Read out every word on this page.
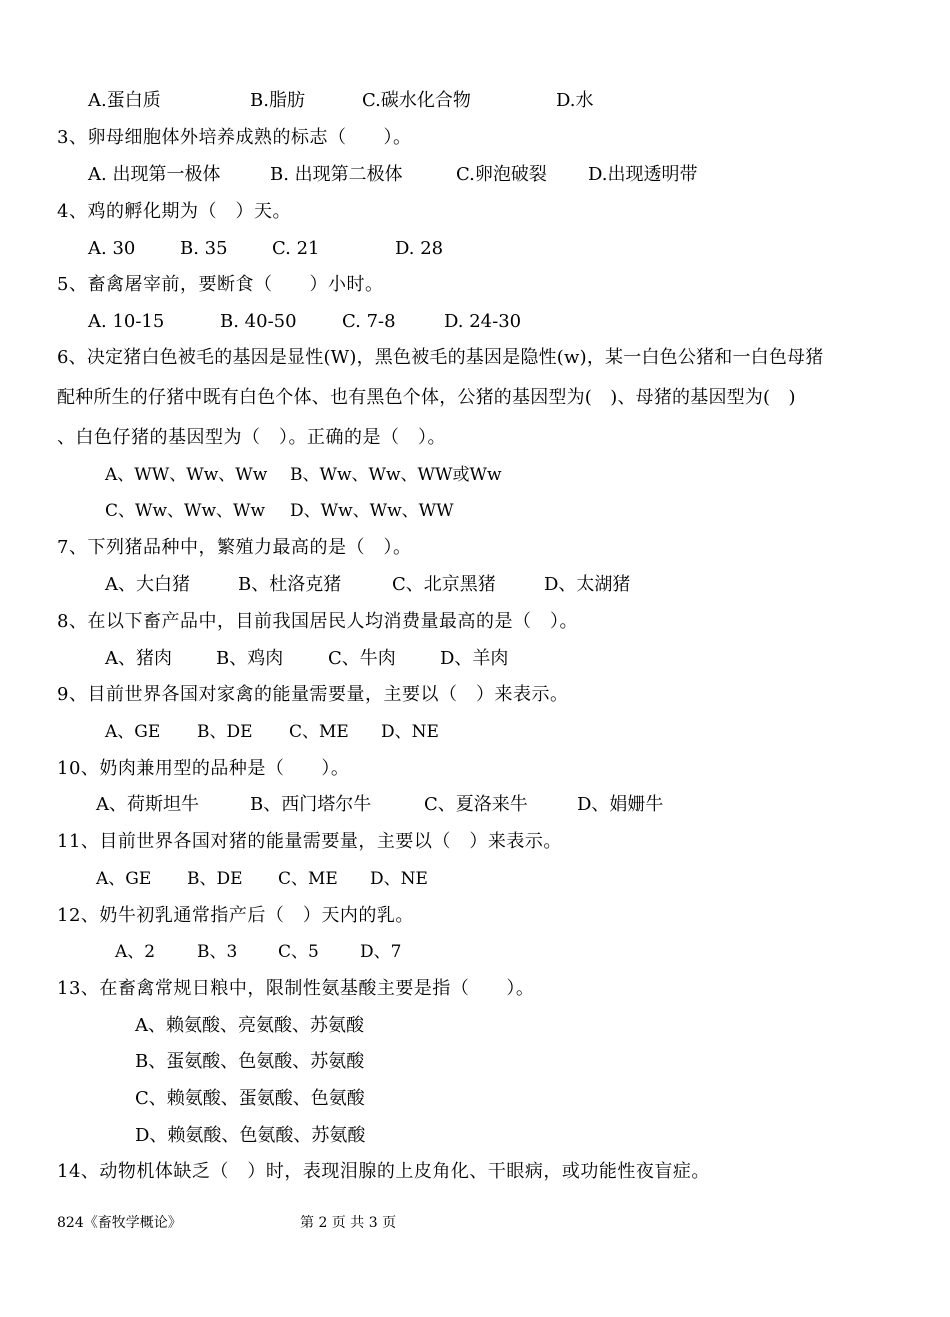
A.蛋白质	B.脂肪	C.碳水化合物	D.水
3、卵母细胞体外培养成熟的标志（　　）。
A. 出现第一极体	B. 出现第二极体	C.卵泡破裂 D.出现透明带
4、鸡的孵化期为（　）天。
A. 30 B. 35 C. 21	D. 28
5、畜禽屠宰前，要断食（　　）小时。
A. 10-15	B. 40-50	C. 7-8	D. 24-30
6、决定猪白色被毛的基因是显性(W)，黑色被毛的基因是隐性(w)，某一白色公猪和一白色母猪
配种所生的仔猪中既有白色个体、也有黑色个体，公猪的基因型为(　)、母猪的基因型为(　)
、白色仔猪的基因型为（　）。正确的是（　）。
A、WW、Ww、Ww B、Ww、Ww、WW或Ww
C、Ww、Ww、Ww D、Ww、Ww、WW
7、下列猪品种中，繁殖力最高的是（　）。
A、大白猪	B、杜洛克猪	C、北京黑猪	D、太湖猪
8、在以下畜产品中，目前我国居民人均消费量最高的是（　）。
A、猪肉 B、鸡肉 C、牛肉 D、羊肉
9、目前世界各国对家禽的能量需要量，主要以（　）来表示。
A、GE B、DE C、ME D、NE
10、奶肉兼用型的品种是（　　）。
A、荷斯坦牛	B、西门塔尔牛	C、夏洛来牛	D、娟姗牛
11、目前世界各国对猪的能量需要量，主要以（　）来表示。
A、GE B、DE C、ME D、NE
12、奶牛初乳通常指产后（　）天内的乳。
A、2 B、3 C、5 D、7
13、在畜禽常规日粮中，限制性氨基酸主要是指（　　）。
A、赖氨酸、亮氨酸、苏氨酸
B、蛋氨酸、色氨酸、苏氨酸
C、赖氨酸、蛋氨酸、色氨酸
D、赖氨酸、色氨酸、苏氨酸
14、动物机体缺乏（　）时，表现泪腺的上皮角化、干眼病，或功能性夜盲症。
824《畜牧学概论》	第 2 页 共 3 页
